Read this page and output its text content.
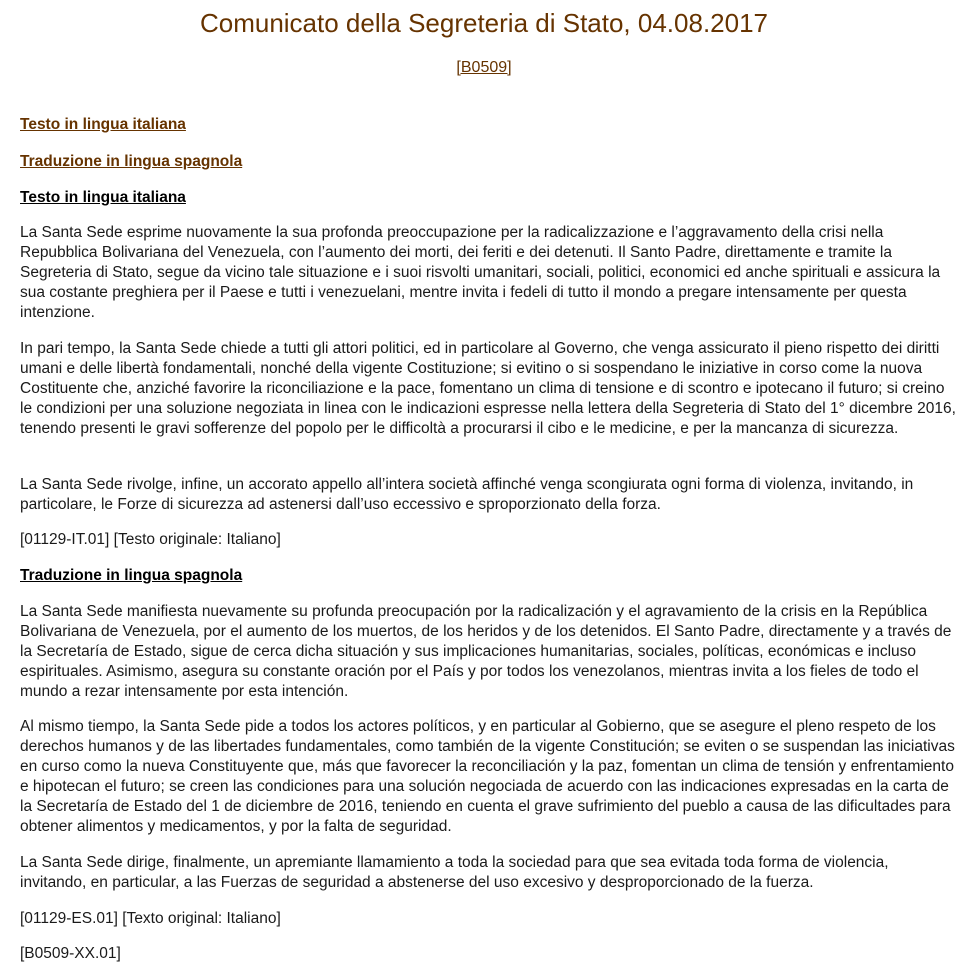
Comunicato della Segreteria di Stato, 04.08.2017
[B0509]
Testo in lingua italiana
Traduzione in lingua spagnola
Testo in lingua italiana

La Santa Sede esprime nuovamente la sua profonda preoccupazione per la radicalizzazione e l’aggravamento della crisi nella Repubblica Bolivariana del Venezuela, con l’aumento dei morti, dei feriti e dei detenuti. Il Santo Padre, direttamente e tramite la Segreteria di Stato, segue da vicino tale situazione e i suoi risvolti umanitari, sociali, politici, economici ed anche spirituali e assicura la sua costante preghiera per il Paese e tutti i venezuelani, mentre invita i fedeli di tutto il mondo a pregare intensamente per questa intenzione.

In pari tempo, la Santa Sede chiede a tutti gli attori politici, ed in particolare al Governo, che venga assicurato il pieno rispetto dei diritti umani e delle libertà fondamentali, nonché della vigente Costituzione; si evitino o si sospendano le iniziative in corso come la nuova Costituente che, anziché favorire la riconciliazione e la pace, fomentano un clima di tensione e di scontro e ipotecano il futuro; si creino le condizioni per una soluzione negoziata in linea con le indicazioni espresse nella lettera della Segreteria di Stato del 1° dicembre 2016, tenendo presenti le gravi sofferenze del popolo per le difficoltà a procurarsi il cibo e le medicine, e per la mancanza di sicurezza.

La Santa Sede rivolge, infine, un accorato appello all’intera società affinché venga scongiurata ogni forma di violenza, invitando, in particolare, le Forze di sicurezza ad astenersi dall’uso eccessivo e sproporzionato della forza.

[01129-IT.01] [Testo originale: Italiano]

Traduzione in lingua spagnola

La Santa Sede manifiesta nuevamente su profunda preocupación por la radicalización y el agravamiento de la crisis en la República Bolivariana de Venezuela, por el aumento de los muertos, de los heridos y de los detenidos. El Santo Padre, directamente y a través de la Secretaría de Estado, sigue de cerca dicha situación y sus implicaciones humanitarias, sociales, políticas, económicas e incluso espirituales. Asimismo, asegura su constante oración por el País y por todos los venezolanos, mientras invita a los fieles de todo el mundo a rezar intensamente por esta intención.

Al mismo tiempo, la Santa Sede pide a todos los actores políticos, y en particular al Gobierno, que se asegure el pleno respeto de los derechos humanos y de las libertades fundamentales, como también de la vigente Constitución; se eviten o se suspendan las iniciativas en curso como la nueva Constituyente que, más que favorecer la reconciliación y la paz, fomentan un clima de tensión y enfrentamiento e hipotecan el futuro; se creen las condiciones para una solución negociada de acuerdo con las indicaciones expresadas en la carta de la Secretaría de Estado del 1 de diciembre de 2016, teniendo en cuenta el grave sufrimiento del pueblo a causa de las dificultades para obtener alimentos y medicamentos, y por la falta de seguridad.

La Santa Sede dirige, finalmente, un apremiante llamamiento a toda la sociedad para que sea evitada toda forma de violencia, invitando, en particular, a las Fuerzas de seguridad a abstenerse del uso excesivo y desproporcionado de la fuerza.

[01129-ES.01] [Texto original: Italiano]

[B0509-XX.01]
